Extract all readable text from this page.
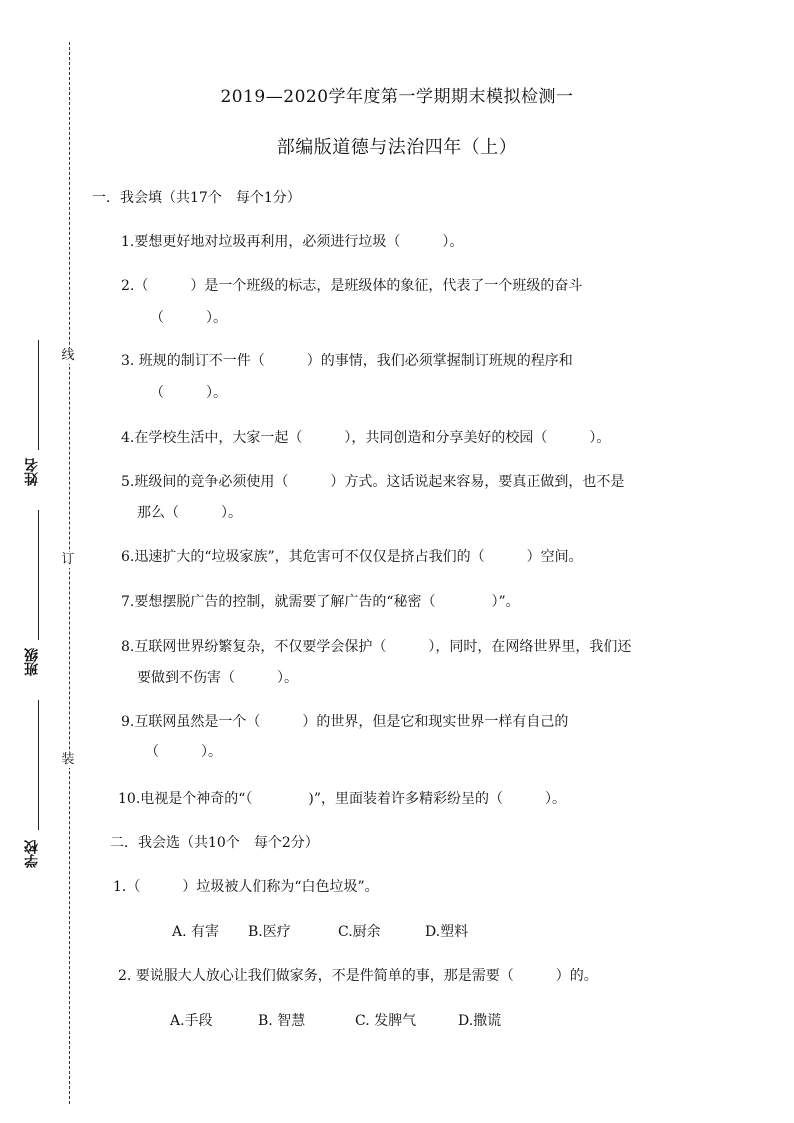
线
订
装
姓名
班级
学校
2019—2020学年度第一学期期末模拟检测一
部编版道德与法治四年（上）
一．我会填（共17个　每个1分）
1.要想更好地对垃圾再利用，必须进行垃圾（　　　）。
2.（　　　）是一个班级的标志，是班级体的象征，代表了一个班级的奋斗
（　　　）。
3. 班规的制订不一件（　　　）的事情，我们必须掌握制订班规的程序和
（　　　）。
4.在学校生活中，大家一起（　　　），共同创造和分享美好的校园（　　　）。
5.班级间的竞争必须使用（　　　）方式。这话说起来容易，要真正做到，也不是
那么（　　　）。
6.迅速扩大的“垃圾家族”，其危害可不仅仅是挤占我们的（　　　）空间。
7.要想摆脱广告的控制，就需要了解广告的“秘密（　　　　）”。
8.互联网世界纷繁复杂，不仅要学会保护（　　　），同时，在网络世界里，我们还
要做到不伤害（　　　）。
9.互联网虽然是一个（　　　）的世界，但是它和现实世界一样有自己的
（　　　）。
10.电视是个神奇的“（　　　　)”，里面装着许多精彩纷呈的（　　　）。
二．我会选（共10个　每个2分）
1.（　　　）垃圾被人们称为“白色垃圾”。
A. 有害 B.医疗	C.厨余	D.塑料
2. 要说服大人放心让我们做家务，不是件简单的事，那是需要（　　　）的。
A.手段	B. 智慧	C. 发脾气	D.撒谎
